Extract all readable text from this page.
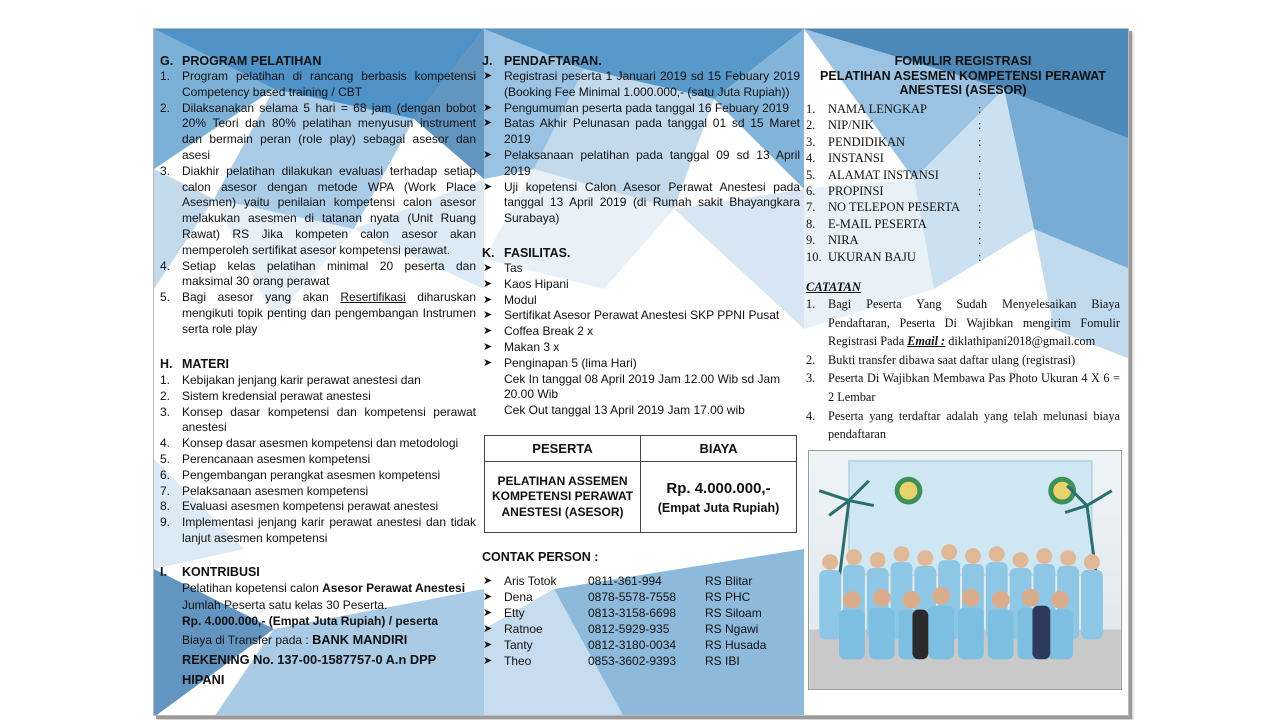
G. PROGRAM PELATIHAN
1. Program pelatihan di rancang berbasis kompetensi Competency based training / CBT
2. Dilaksanakan selama 5 hari = 68 jam (dengan bobot 20% Teori dan 80% pelatihan menyusun instrument dan bermain peran (role play) sebagai asesor dan asesi
3. Diakhir pelatihan dilakukan evaluasi terhadap setiap calon asesor dengan metode WPA (Work Place Asesmen) yaitu penilaian kompetensi calon asesor melakukan asesmen di tatanan nyata (Unit Ruang Rawat) RS Jika kompeten calon asesor akan memperoleh sertifikat asesor kompetensi perawat.
4. Setiap kelas pelatihan minimal 20 peserta dan maksimal 30 orang perawat
5. Bagi asesor yang akan Resertifikasi diharuskan mengikuti topik penting dan pengembangan Instrumen serta role play
H. MATERI
1. Kebijakan jenjang karir perawat anestesi dan
2. Sistem kredensial perawat anestesi
3. Konsep dasar kompetensi dan kompetensi perawat anestesi
4. Konsep dasar asesmen kompetensi dan metodologi
5. Perencanaan asesmen kompetensi
6. Pengembangan perangkat asesmen kompetensi
7. Pelaksanaan asesmen kompetensi
8. Evaluasi asesmen kompetensi perawat anestesi
9. Implementasi jenjang karir perawat anestesi dan tidak lanjut asesmen kompetensi
I. KONTRIBUSI
Pelatihan kopetensi calon Asesor Perawat Anestesi
Jumlah Peserta satu kelas 30 Peserta.
Rp. 4.000.000,- (Empat Juta Rupiah) / peserta
Biaya di Transfer pada : BANK MANDIRI
REKENING No. 137-00-1587757-0 A.n DPP
HIPANI
J. PENDAFTARAN.
➤ Registrasi peserta 1 Januari 2019 sd 15 Febuary 2019 (Booking Fee Minimal 1.000.000,- (satu Juta Rupiah))
➤ Pengumuman peserta pada tanggal 16 Febuary 2019
➤ Batas Akhir Pelunasan pada tanggal 01 sd 15 Maret 2019
➤ Pelaksanaan pelatihan pada tanggal 09 sd 13 April 2019
➤ Uji kopetensi Calon Asesor Perawat Anestesi pada tanggal 13 April 2019 (di Rumah sakit Bhayangkara Surabaya)
K. FASILITAS.
➤ Tas
➤ Kaos Hipani
➤ Modul
➤ Sertifikat Asesor Perawat Anestesi SKP PPNI Pusat
➤ Coffea Break 2 x
➤ Makan 3 x
➤ Penginapan 5 (lima Hari)
Cek In tanggal 08 April 2019 Jam 12.00 Wib sd Jam 20.00 Wib
Cek Out tanggal 13 April 2019 Jam 17.00 wib
PESERTA	BIAYA
PELATIHAN ASSEMEN KOMPETENSI PERAWAT ANESTESI (ASESOR)	Rp. 4.000.000,-
(Empat Juta Rupiah)
CONTAK PERSON :
➤ Aris Totok	0811-361-994	RS Blitar
➤ Dena	0878-5578-7558	RS PHC
➤ Etty	0813-3158-6698	RS Siloam
➤ Ratnoe	0812-5929-935	RS Ngawi
➤ Tanty	0812-3180-0034	RS Husada
➤ Theo	0853-3602-9393	RS IBI
FOMULIR REGISTRASI
PELATIHAN ASESMEN KOMPETENSI PERAWAT
ANESTESI (ASESOR)
1.	NAMA LENGKAP	:
2.	NIP/NIK	:
3.	PENDIDIKAN	:
4.	INSTANSI	:
5.	ALAMAT INSTANSI	:
6.	PROPINSI	:
7.	NO TELEPON PESERTA	:
8.	E-MAIL PESERTA	:
9.	NIRA	:
10. UKURAN BAJU	:
CATATAN
1. Bagi Peserta Yang Sudah Menyelesaikan Biaya Pendaftaran, Peserta Di Wajibkan mengirim Fomulir Registrasi Pada Email : diklathipani2018@gmail.com
2. Bukti transfer dibawa saat daftar ulang (registrasi)
3. Peserta Di Wajibkan Membawa Pas Photo Ukuran 4 X 6 = 2 Lembar
4. Peserta yang terdaftar adalah yang telah melunasi biaya pendaftaran
